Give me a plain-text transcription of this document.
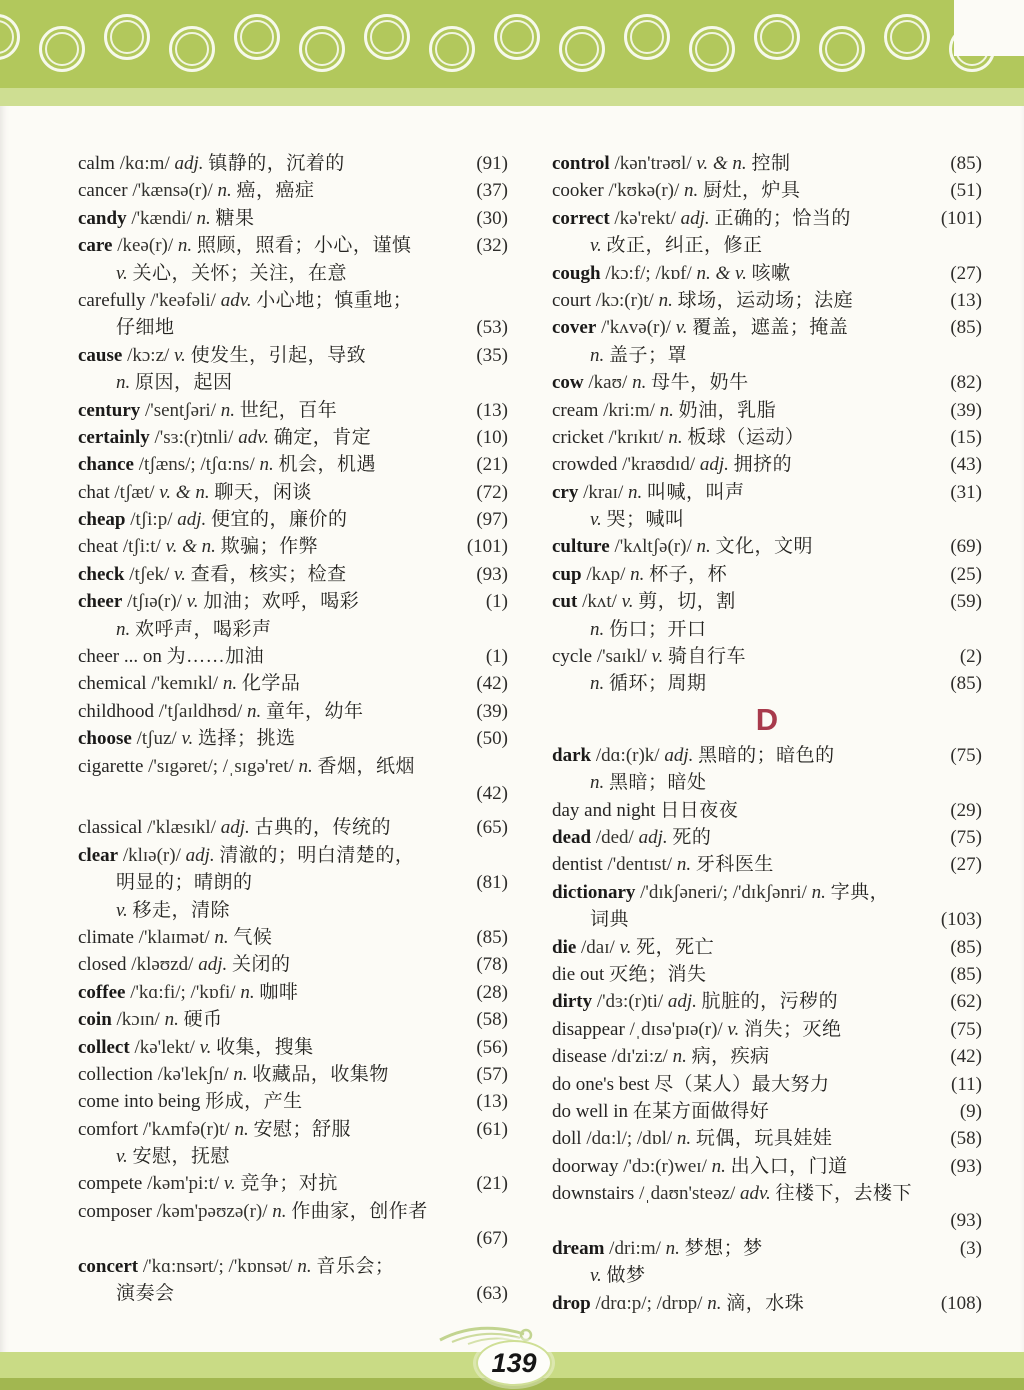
calm /kɑ:m/ adj. 镇静的，沉着的	(91)
cancer /'kænsə(r)/ n. 癌，癌症	(37)
candy /'kændi/ n. 糖果	(30)
care /keə(r)/ n. 照顾，照看；小心，谨慎	(32)
v. 关心，关怀；关注，在意
carefully /'keəfəli/ adv. 小心地；慎重地；
仔细地	(53)
cause /kɔ:z/ v. 使发生，引起，导致	(35)
n. 原因，起因
century /'sentʃəri/ n. 世纪，百年	(13)
certainly /'sɜ:(r)tnli/ adv. 确定，肯定	(10)
chance /tʃæns/; /tʃɑ:ns/ n. 机会，机遇	(21)
chat /tʃæt/ v. & n. 聊天，闲谈	(72)
cheap /tʃi:p/ adj. 便宜的，廉价的	(97)
cheat /tʃi:t/ v. & n. 欺骗；作弊	(101)
check /tʃek/ v. 查看，核实；检查	(93)
cheer /tʃɪə(r)/ v. 加油；欢呼，喝彩	(1)
n. 欢呼声，喝彩声
cheer ... on 为……加油	(1)
chemical /'kemɪkl/ n. 化学品	(42)
childhood /'tʃaɪldhʊd/ n. 童年，幼年	(39)
choose /tʃuz/ v. 选择；挑选	(50)
cigarette /'sɪgəret/; /ˌsɪgə'ret/ n. 香烟，纸烟
(42)
classical /'klæsɪkl/ adj. 古典的，传统的	(65)
clear /klɪə(r)/ adj. 清澈的；明白清楚的，
明显的；晴朗的	(81)
v. 移走，清除
climate /'klaɪmət/ n. 气候	(85)
closed /kləʊzd/ adj. 关闭的	(78)
coffee /'kɑ:fi/; /'kɒfi/ n. 咖啡	(28)
coin /kɔɪn/ n. 硬币	(58)
collect /kə'lekt/ v. 收集，搜集	(56)
collection /kə'lekʃn/ n. 收藏品，收集物	(57)
come into being 形成，产生	(13)
comfort /'kʌmfə(r)t/ n. 安慰；舒服	(61)
v. 安慰，抚慰
compete /kəm'pi:t/ v. 竞争；对抗	(21)
composer /kəm'pəʊzə(r)/ n. 作曲家，创作者
(67)
concert /'kɑ:nsərt/; /'kɒnsət/ n. 音乐会；
演奏会	(63)
control /kən'trəʊl/ v. & n. 控制	(85)
cooker /'kʊkə(r)/ n. 厨灶，炉具	(51)
correct /kə'rekt/ adj. 正确的；恰当的	(101)
v. 改正，纠正，修正
cough /kɔ:f/; /kɒf/ n. & v. 咳嗽	(27)
court /kɔ:(r)t/ n. 球场，运动场；法庭	(13)
cover /'kʌvə(r)/ v. 覆盖，遮盖；掩盖	(85)
n. 盖子；罩
cow /kaʊ/ n. 母牛，奶牛	(82)
cream /kri:m/ n. 奶油，乳脂	(39)
cricket /'krɪkɪt/ n. 板球（运动）	(15)
crowded /'kraʊdɪd/ adj. 拥挤的	(43)
cry /kraɪ/ n. 叫喊，叫声	(31)
v. 哭；喊叫
culture /'kʌltʃə(r)/ n. 文化，文明	(69)
cup /kʌp/ n. 杯子，杯	(25)
cut /kʌt/ v. 剪，切，割	(59)
n. 伤口；开口
cycle /'saɪkl/ v. 骑自行车	(2)
n. 循环；周期	(85)
D
dark /dɑ:(r)k/ adj. 黑暗的；暗色的	(75)
n. 黑暗；暗处
day and night 日日夜夜	(29)
dead /ded/ adj. 死的	(75)
dentist /'dentɪst/ n. 牙科医生	(27)
dictionary /'dɪkʃəneri/; /'dɪkʃənri/ n. 字典，
词典	(103)
die /daɪ/ v. 死，死亡	(85)
die out 灭绝；消失	(85)
dirty /'dɜ:(r)ti/ adj. 肮脏的，污秽的	(62)
disappear /ˌdɪsə'pɪə(r)/ v. 消失；灭绝	(75)
disease /dɪ'zi:z/ n. 病，疾病	(42)
do one's best 尽（某人）最大努力	(11)
do well in 在某方面做得好	(9)
doll /dɑ:l/; /dɒl/ n. 玩偶，玩具娃娃	(58)
doorway /'dɔ:(r)weɪ/ n. 出入口，门道	(93)
downstairs /ˌdaʊn'steəz/ adv. 往楼下，去楼下
(93)
dream /dri:m/ n. 梦想；梦	(3)
v. 做梦
drop /drɑ:p/; /drɒp/ n. 滴，水珠	(108)
139
